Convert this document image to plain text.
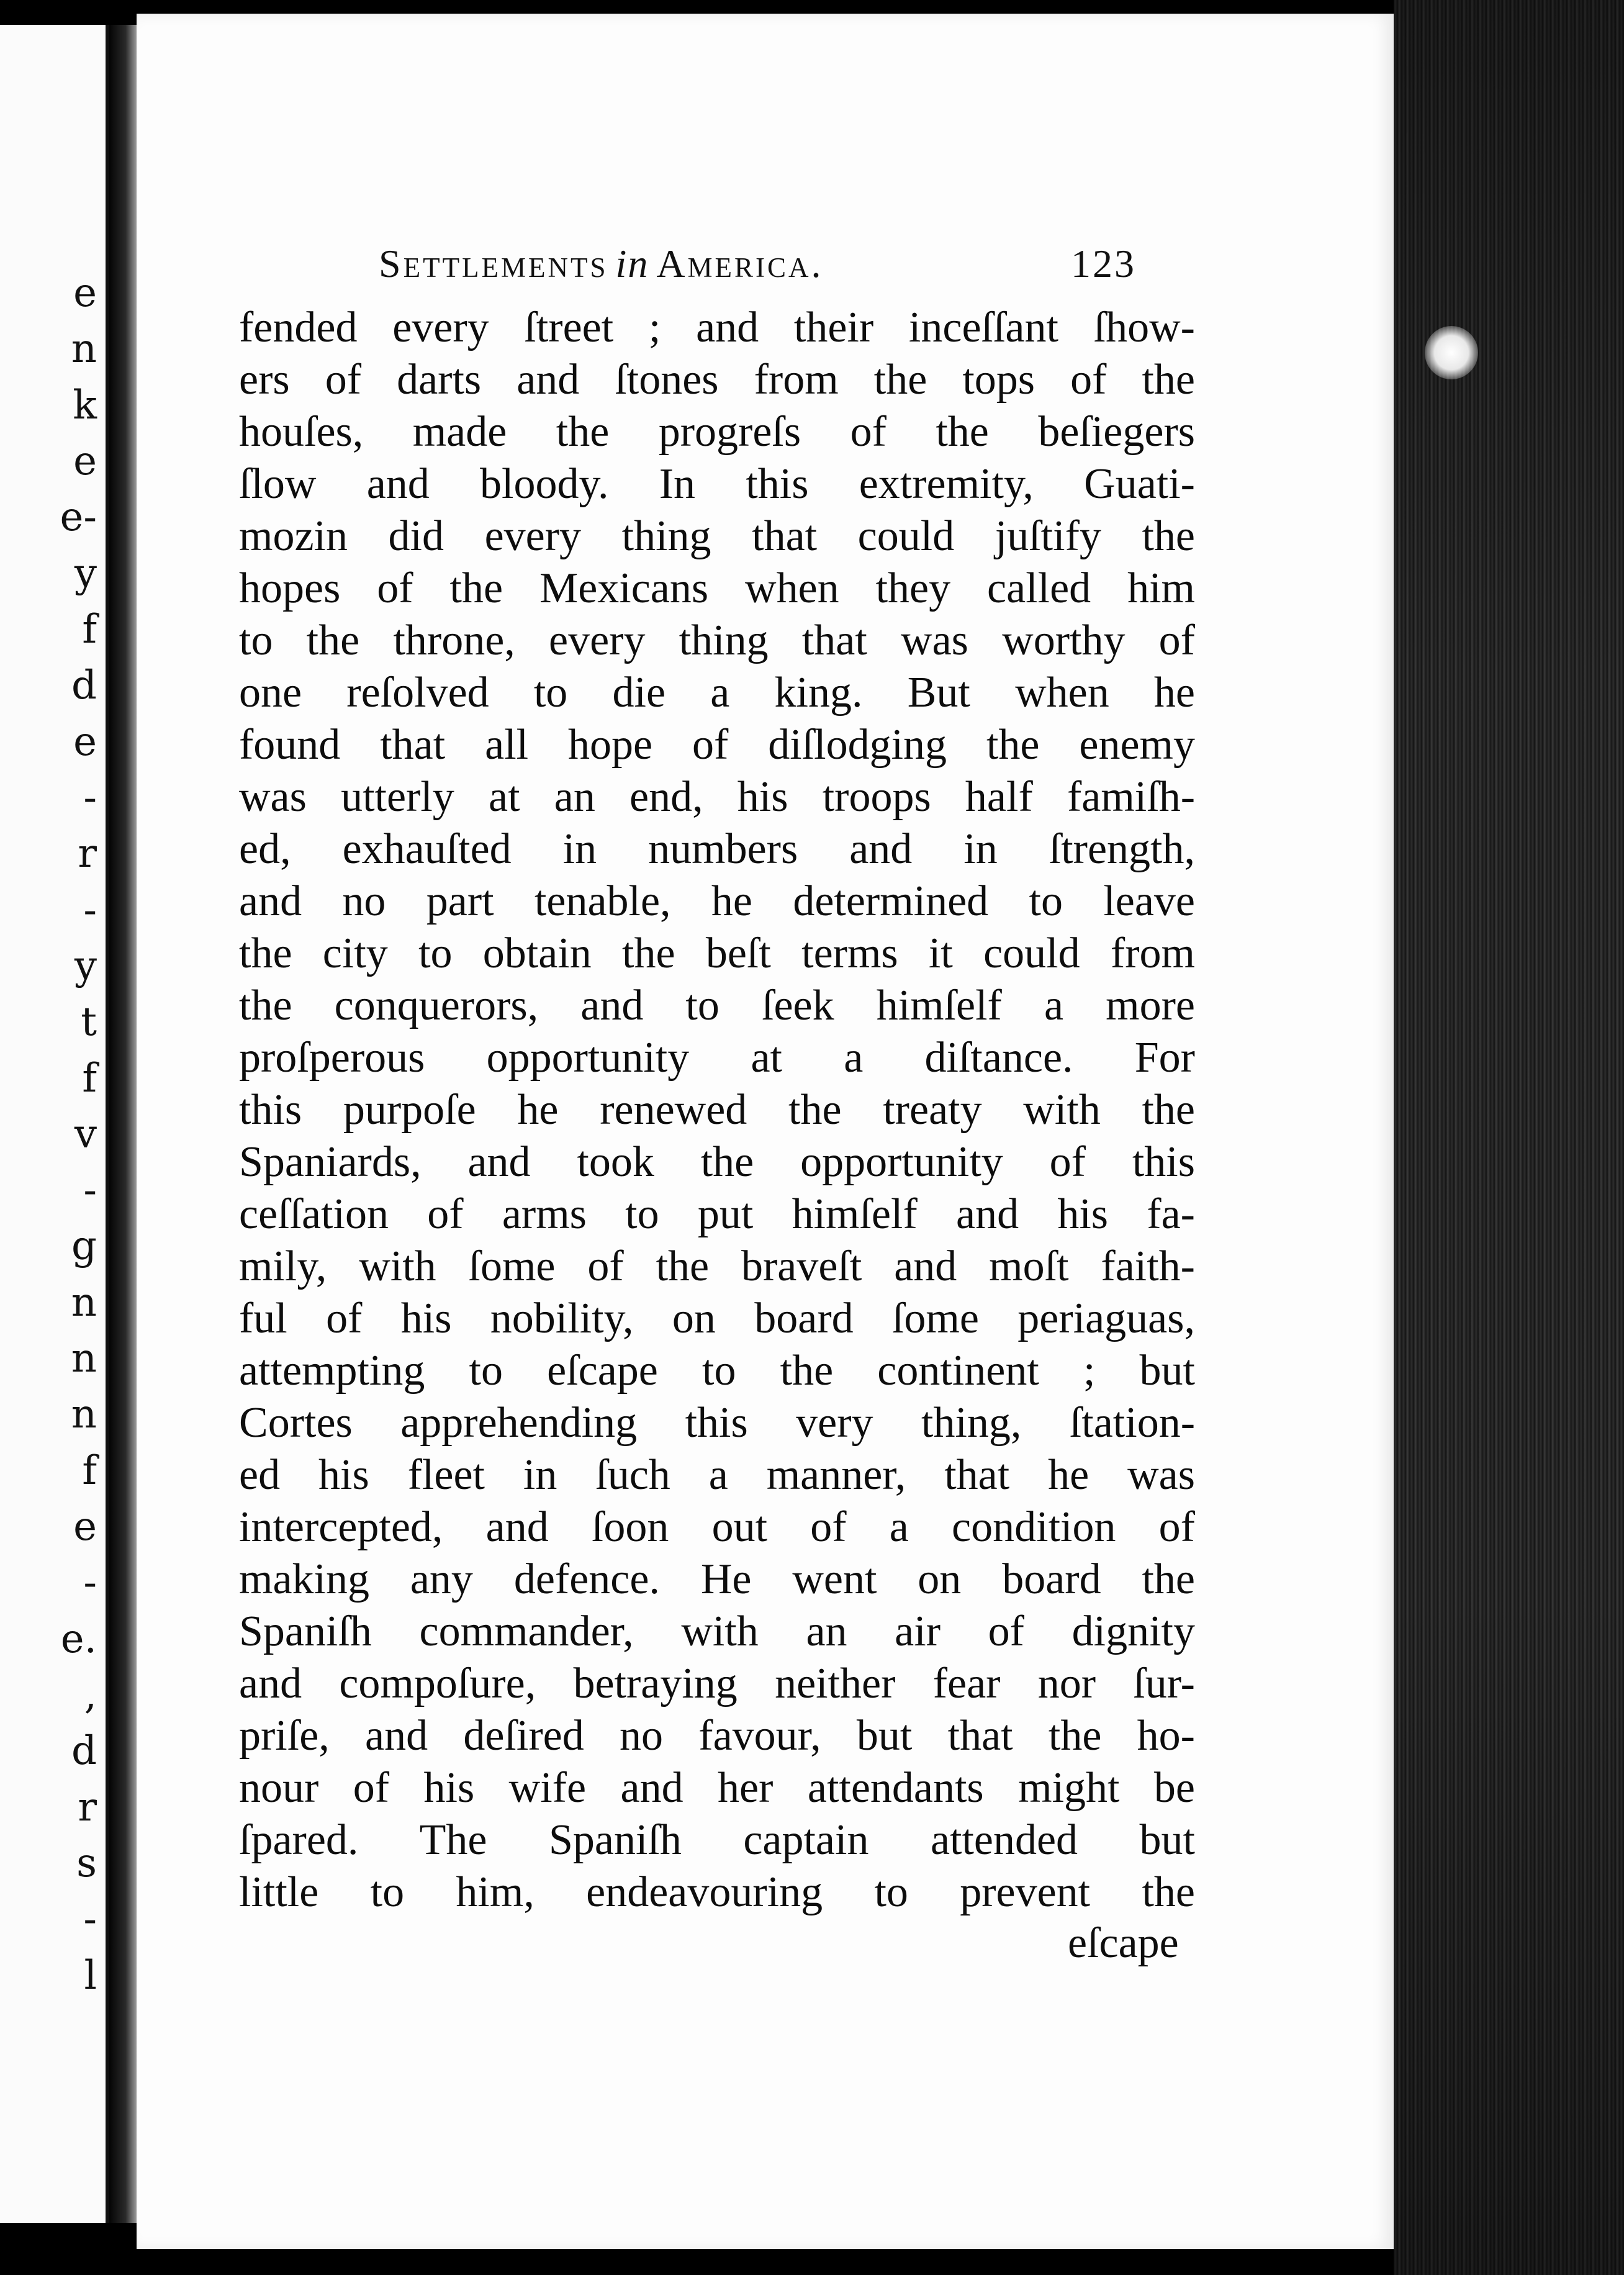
e
n
k
e
e-
y
f
d
e
-
r
-
y
t
f
v
-
g
n
n
n
f
e
-
e.
,
d
r
s
-
l
Settlements in America.	123
fended every ſtreet ; and their inceſſant ſhow-
ers of darts and ſtones from the tops of the
houſes, made the progreſs of the beſiegers
ſlow and bloody. In this extremity, Guati-
mozin did every thing that could juſtify the
hopes of the Mexicans when they called him
to the throne, every thing that was worthy of
one reſolved to die a king. But when he
found that all hope of diſlodging the enemy
was utterly at an end, his troops half famiſh-
ed, exhauſted in numbers and in ſtrength,
and no part tenable, he determined to leave
the city to obtain the beſt terms it could from
the conquerors, and to ſeek himſelf a more
proſperous opportunity at a diſtance. For
this purpoſe he renewed the treaty with the
Spaniards, and took the opportunity of this
ceſſation of arms to put himſelf and his fa-
mily, with ſome of the braveſt and moſt faith-
ful of his nobility, on board ſome periaguas,
attempting to eſcape to the continent ; but
Cortes apprehending this very thing, ſtation-
ed his fleet in ſuch a manner, that he was
intercepted, and ſoon out of a condition of
making any defence. He went on board the
Spaniſh commander, with an air of dignity
and compoſure, betraying neither fear nor ſur-
priſe, and deſired no favour, but that the ho-
nour of his wife and her attendants might be
ſpared. The Spaniſh captain attended but
little to him, endeavouring to prevent the
eſcape
